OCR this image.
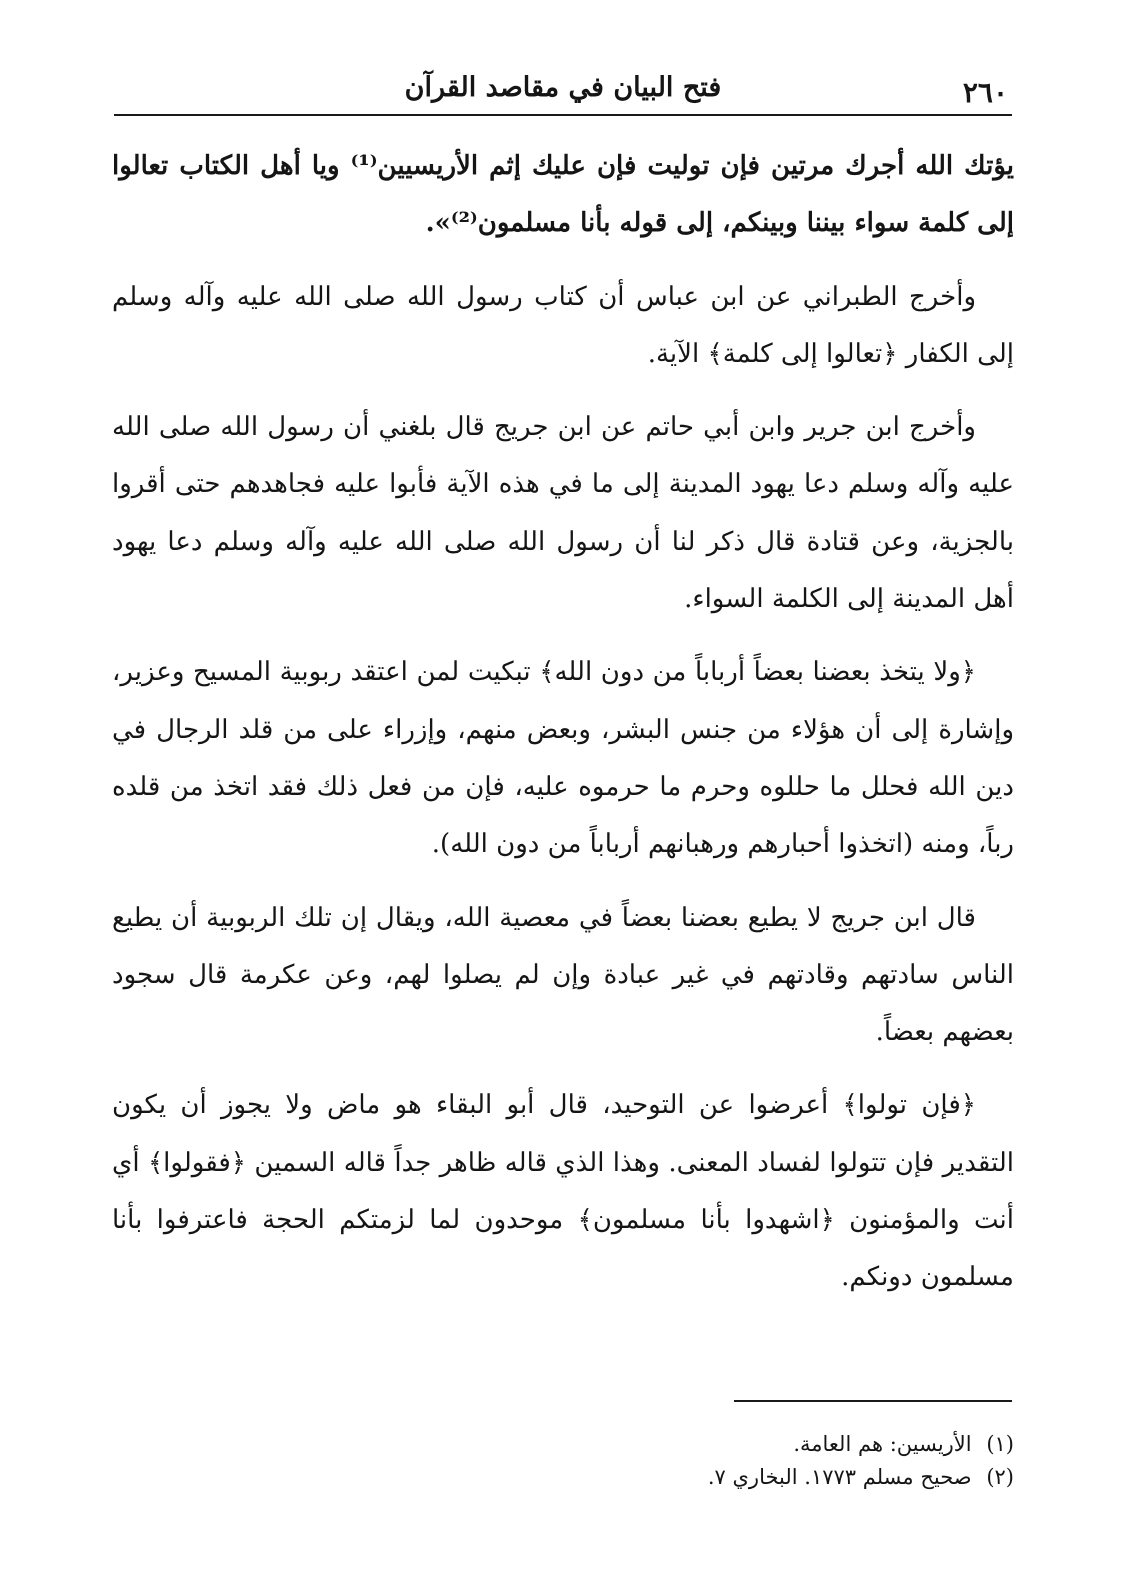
٢٦٠
فتح البيان في مقاصد القرآن

يؤتك الله أجرك مرتين فإن توليت فإن عليك إثم الأريسيين⁽¹⁾ ويا أهل الكتاب تعالوا إلى كلمة سواء بيننا وبينكم، إلى قوله بأنا مسلمون⁽²⁾».

وأخرج الطبراني عن ابن عباس أن كتاب رسول الله صلى الله عليه وآله وسلم إلى الكفار ﴿تعالوا إلى كلمة﴾ الآية.

وأخرج ابن جرير وابن أبي حاتم عن ابن جريج قال بلغني أن رسول الله صلى الله عليه وآله وسلم دعا يهود المدينة إلى ما في هذه الآية فأبوا عليه فجاهدهم حتى أقروا بالجزية، وعن قتادة قال ذكر لنا أن رسول الله صلى الله عليه وآله وسلم دعا يهود أهل المدينة إلى الكلمة السواء.

﴿ولا يتخذ بعضنا بعضاً أرباباً من دون الله﴾ تبكيت لمن اعتقد ربوبية المسيح وعزير، وإشارة إلى أن هؤلاء من جنس البشر، وبعض منهم، وإزراء على من قلد الرجال في دين الله فحلل ما حللوه وحرم ما حرموه عليه، فإن من فعل ذلك فقد اتخذ من قلده رباً، ومنه (اتخذوا أحبارهم ورهبانهم أرباباً من دون الله).

قال ابن جريج لا يطيع بعضنا بعضاً في معصية الله، ويقال إن تلك الربوبية أن يطيع الناس سادتهم وقادتهم في غير عبادة وإن لم يصلوا لهم، وعن عكرمة قال سجود بعضهم بعضاً.

﴿فإن تولوا﴾ أعرضوا عن التوحيد، قال أبو البقاء هو ماض ولا يجوز أن يكون التقدير فإن تتولوا لفساد المعنى. وهذا الذي قاله ظاهر جداً قاله السمين ﴿فقولوا﴾ أي أنت والمؤمنون ﴿اشهدوا بأنا مسلمون﴾ موحدون لما لزمتكم الحجة فاعترفوا بأنا مسلمون دونكم.

(١) الأريسين: هم العامة.

(٢) صحيح مسلم ١٧٧٣. البخاري ٧.
